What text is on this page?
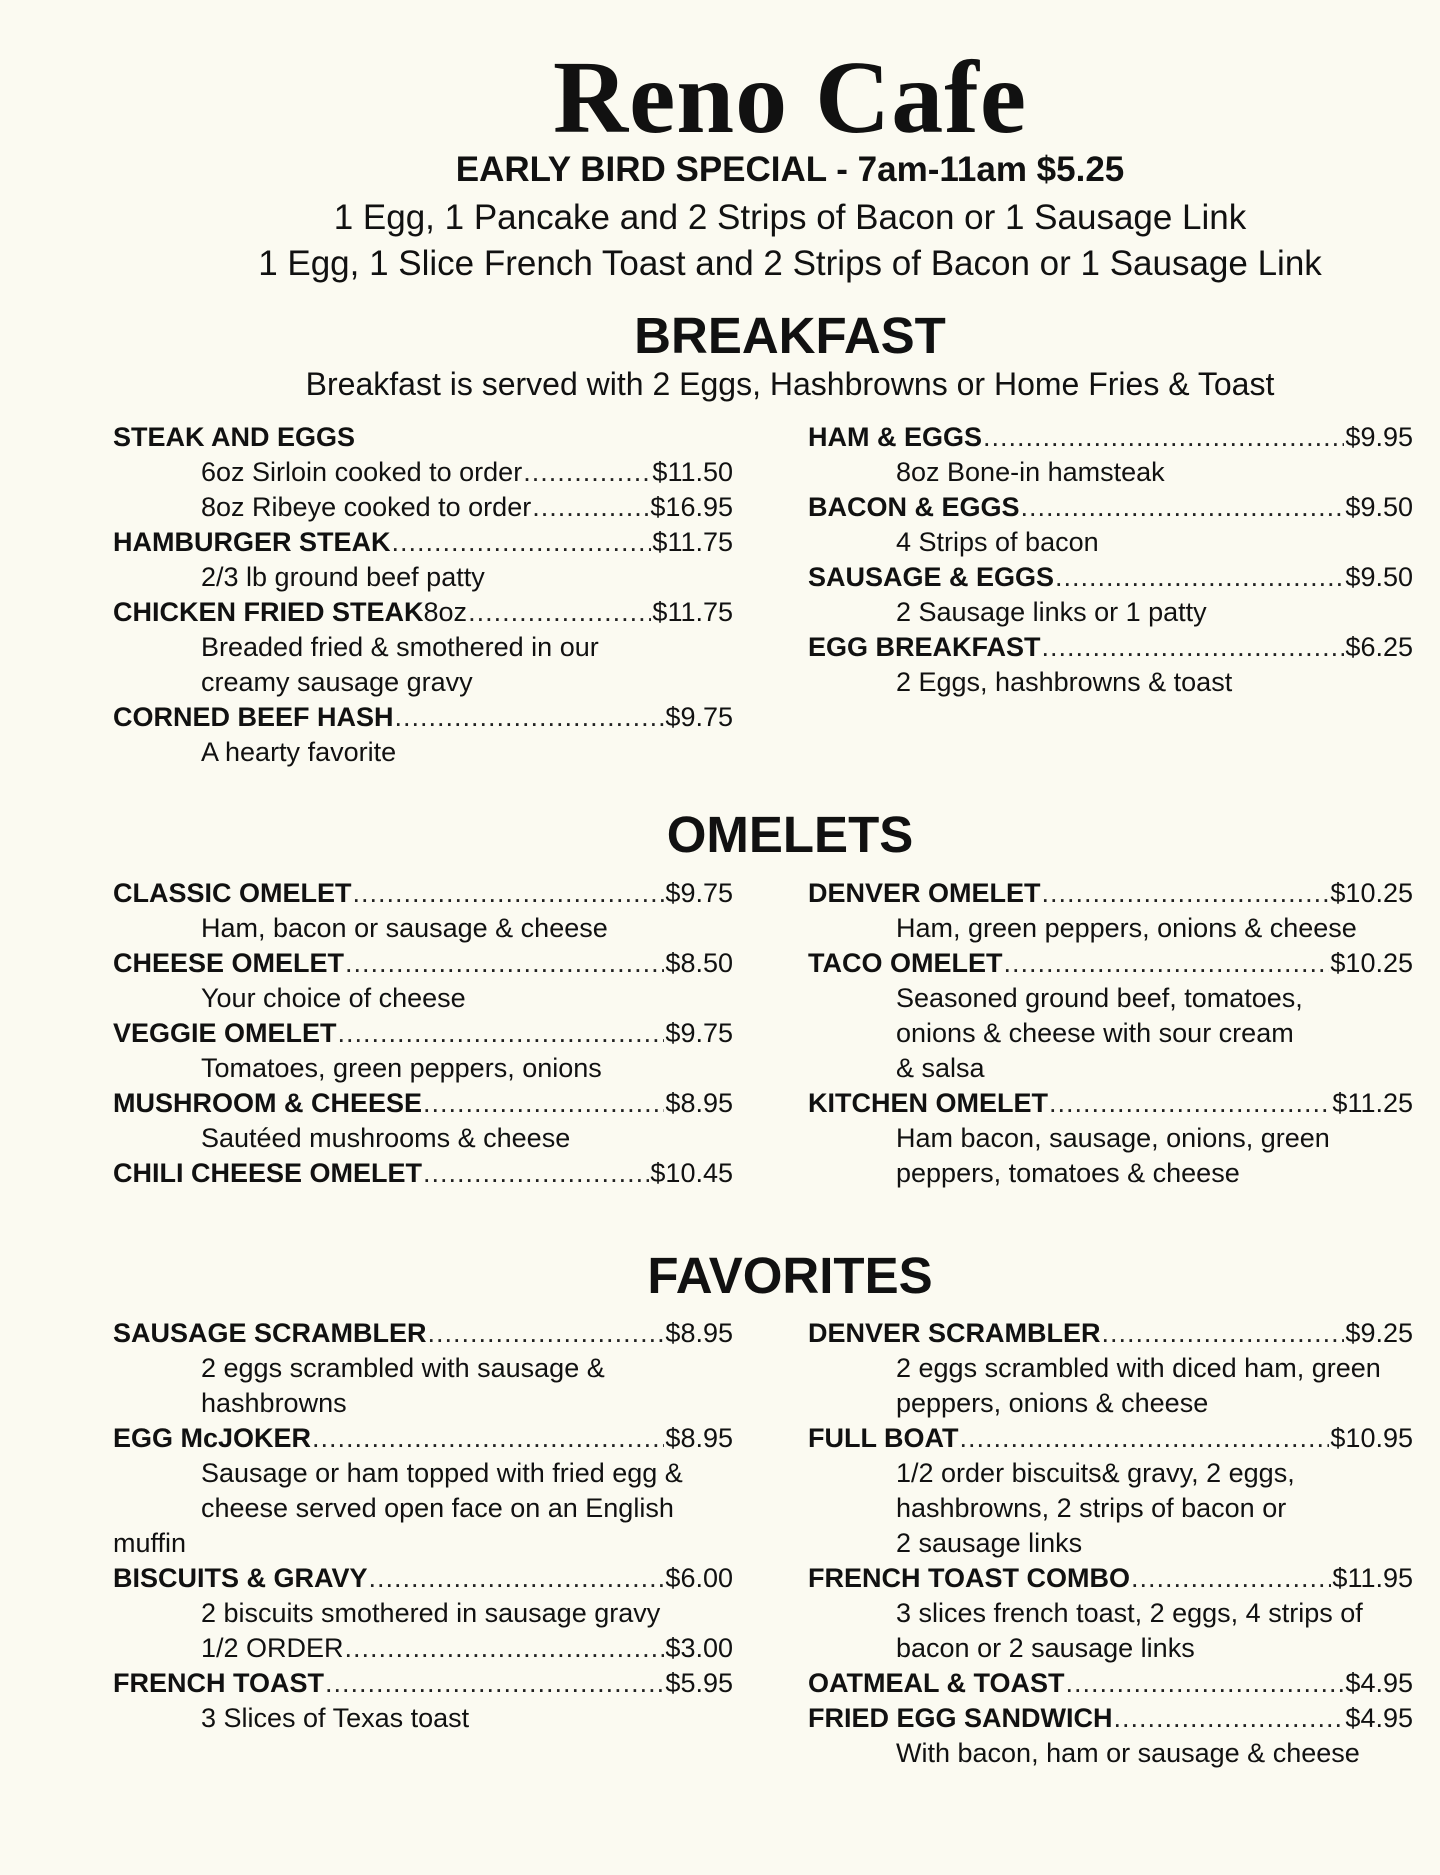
Reno Cafe
EARLY BIRD SPECIAL - 7am-11am $5.25
1 Egg, 1 Pancake and 2 Strips of Bacon or 1 Sausage Link
1 Egg, 1 Slice French Toast and 2 Strips of Bacon or 1 Sausage Link
BREAKFAST
Breakfast is served with 2 Eggs, Hashbrowns or Home Fries & Toast
STEAK AND EGGS
6oz Sirloin cooked to order .....	$11.50
8oz Ribeye cooked to order .....	$16.95
HAMBURGER STEAK .....	$11.75
2/3 lb ground beef patty
CHICKEN FRIED STEAK 8oz .....	$11.75
Breaded fried & smothered in our
creamy sausage gravy
CORNED BEEF HASH .....	$9.75
A hearty favorite
HAM & EGGS .....	$9.95
8oz Bone-in hamsteak
BACON & EGGS .....	$9.50
4 Strips of bacon
SAUSAGE & EGGS .....	$9.50
2 Sausage links or 1 patty
EGG BREAKFAST .....	$6.25
2 Eggs, hashbrowns & toast
OMELETS
CLASSIC OMELET .....	$9.75
Ham, bacon or sausage & cheese
CHEESE OMELET .....	$8.50
Your choice of cheese
VEGGIE OMELET .....	$9.75
Tomatoes, green peppers, onions
MUSHROOM & CHEESE .....	$8.95
Sautéed mushrooms & cheese
CHILI CHEESE OMELET .....	$10.45
DENVER OMELET .....	$10.25
Ham, green peppers, onions & cheese
TACO OMELET .....	$10.25
Seasoned ground beef, tomatoes,
onions & cheese with sour cream
& salsa
KITCHEN OMELET .....	$11.25
Ham bacon, sausage, onions, green
peppers, tomatoes & cheese
FAVORITES
SAUSAGE SCRAMBLER .....	$8.95
2 eggs scrambled with sausage &
hashbrowns
EGG McJOKER .....	$8.95
Sausage or ham topped with fried egg &
cheese served open face on an English
muffin
BISCUITS & GRAVY .....	$6.00
2 biscuits smothered in sausage gravy
1/2 ORDER .....	$3.00
FRENCH TOAST .....	$5.95
3 Slices of Texas toast
DENVER SCRAMBLER .....	$9.25
2 eggs scrambled with diced ham, green
peppers, onions & cheese
FULL BOAT .....	$10.95
1/2 order biscuits& gravy, 2 eggs,
hashbrowns, 2 strips of bacon or
2 sausage links
FRENCH TOAST COMBO .....	$11.95
3 slices french toast, 2 eggs, 4 strips of
bacon or 2 sausage links
OATMEAL & TOAST .....	$4.95
FRIED EGG SANDWICH .....	$4.95
With bacon, ham or sausage & cheese
